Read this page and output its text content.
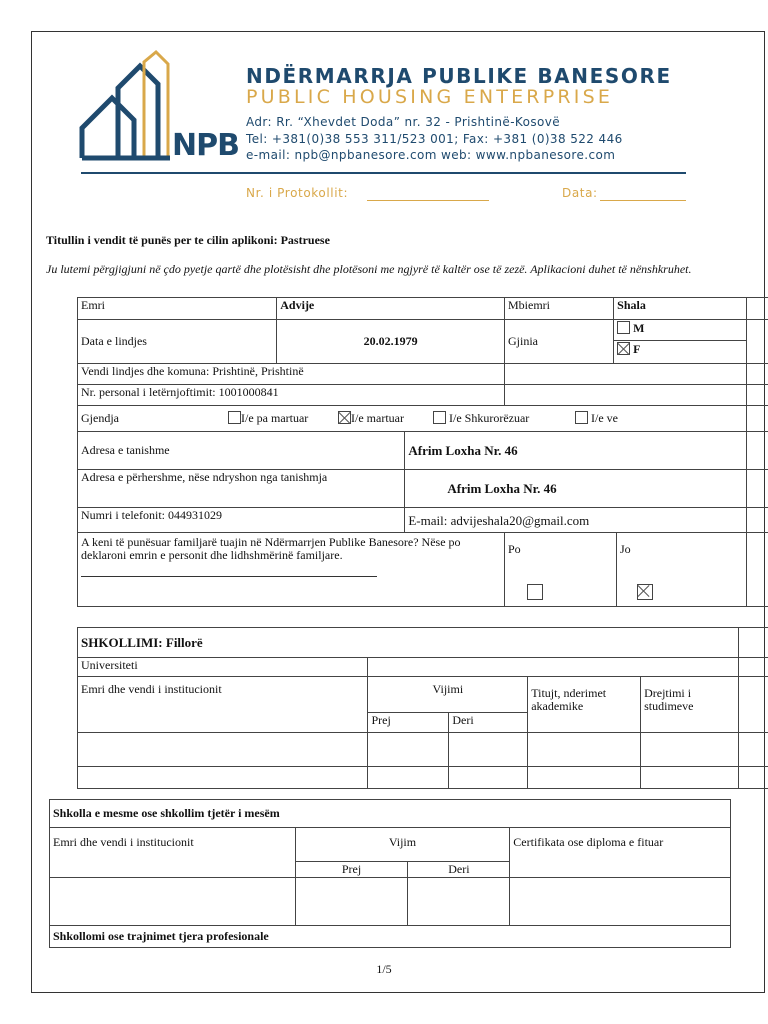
NPB
NDËRMARRJA PUBLIKE BANESORE
PUBLIC HOUSING ENTERPRISE
Adr: Rr. “Xhevdet Doda” nr. 32 - Prishtinë-Kosovë
Tel: +381(0)38 553 311/523 001; Fax: +381 (0)38 522 446
e-mail: npb@npbanesore.com web: www.npbanesore.com
Nr. i Protokollit:	Data:
Titullin i vendit të punës per te cilin aplikoni: Pastruese
Ju lutemi përgjigjuni në çdo pyetje qartë dhe plotësisht dhe plotësoni me ngjyrë të kaltër ose të zezë. Aplikacioni duhet të nënshkruhet.
Emri	Advije		Mbiemri	Shala	
Data e lindjes	20.02.1979		Gjinia	M
F	

Vendi lindjes dhe komuna: Prishtinë, Prishtinë					
Nr. personal i letërnjoftimit: 1001000841					

Gjendja I/e pa martuar I/e martuar I/e Shkurorëzuar I/e ve					

Adresa e tanishme		Afrim Loxha Nr. 46			
Adresa e përhershme, nëse ndryshon nga tanishmja		Afrim Loxha Nr. 46			
Numri i telefonit: 044931029		E-mail: advijeshala20@gmail.com			

A keni të punësuar familjarë tuajin në Ndërmarrjen Publike Banesore? Nëse po deklaroni emrin e personit dhe lidhshmërinë familjare.			Po Jo		

SHKOLLIMI: Fillorë					
Universiteti					
Emri dhe vendi i institucionit	Vijimi		Titujt, nderimet akademike	Drejtimi i studimeve	
	Prej	Deri			

Shkolla e mesme ose shkollim tjetër i mesëm			
Emri dhe vendi i institucionit	Vijim		Certifikata ose diploma e fituar
	Prej	Deri	

Shkollomi ose trajnimet tjera profesionale			
1/5
